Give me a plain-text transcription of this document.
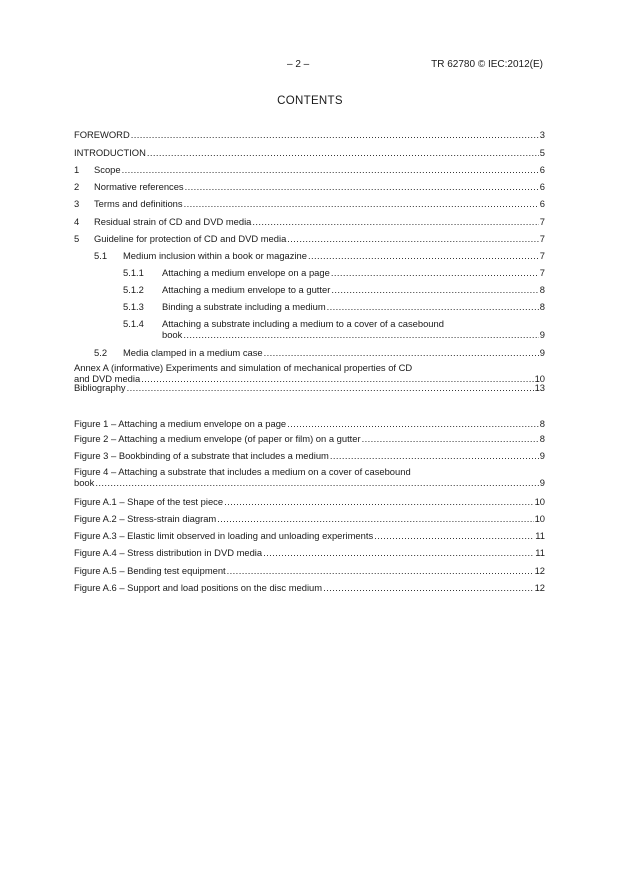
– 2 –	TR 62780 © IEC:2012(E)
CONTENTS
FOREWORD .....	3
INTRODUCTION .....	5
1	Scope .....	6
2	Normative references .....	6
3	Terms and definitions .....	6
4	Residual strain of CD and DVD media .....	7
5	Guideline for protection of CD and DVD media .....	7
5.1	Medium inclusion within a book or magazine .....	7
5.1.1	Attaching a medium envelope on a page .....	7
5.1.2	Attaching a medium envelope to a gutter .....	8
5.1.3	Binding a substrate including a medium .....	8
5.1.4	Attaching a substrate including a medium to a cover of a casebound
book .....	9
5.2	Media clamped in a medium case .....	9
Annex A (informative) Experiments and simulation of mechanical properties of CD
and DVD media .....	10
Bibliography .....	13
Figure 1 – Attaching a medium envelope on a page .....	8
Figure 2 – Attaching a medium envelope (of paper or film) on a gutter .....	8
Figure 3 – Bookbinding of a substrate that includes a medium .....	9
Figure 4 – Attaching a substrate that includes a medium on a cover of casebound
book .....	9
Figure A.1 – Shape of the test piece .....	10
Figure A.2 – Stress-strain diagram .....	10
Figure A.3 – Elastic limit observed in loading and unloading experiments .....	11
Figure A.4 – Stress distribution in DVD media .....	11
Figure A.5 – Bending test equipment .....	12
Figure A.6 – Support and load positions on the disc medium .....	12
